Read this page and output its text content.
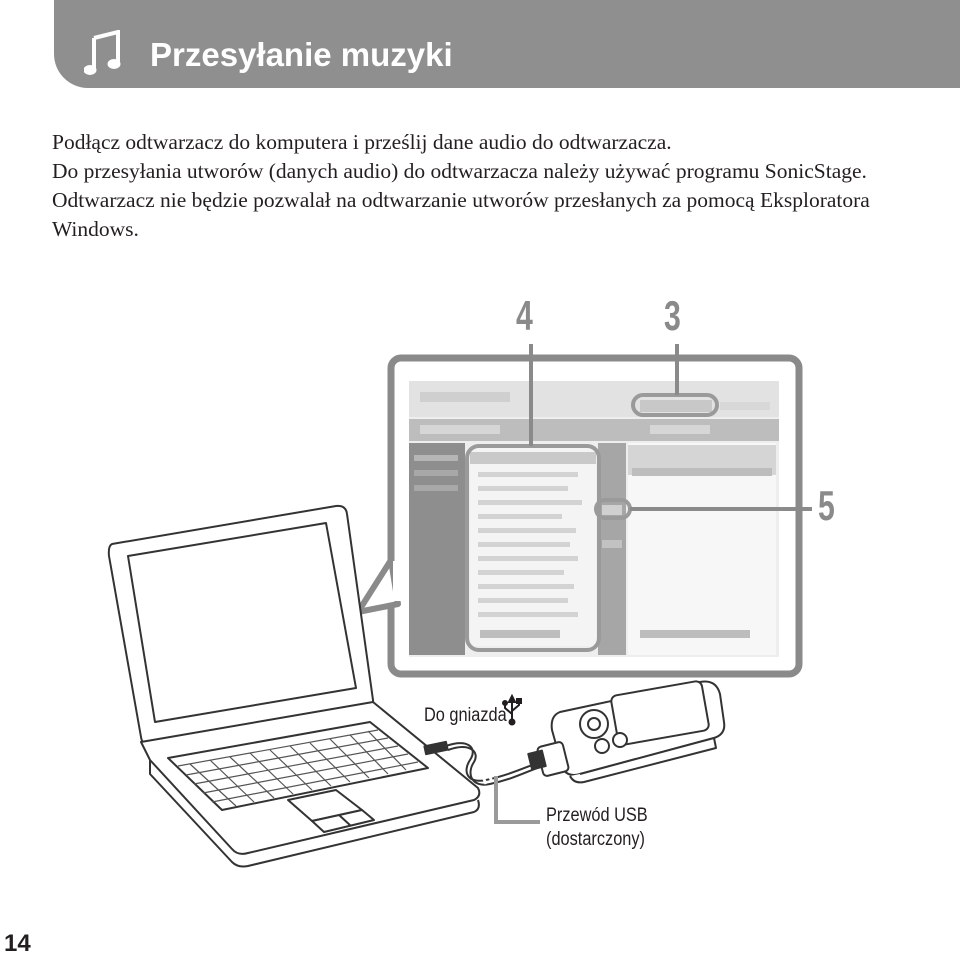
Przesyłanie muzyki

Podłącz odtwarzacz do komputera i prześlij dane audio do odtwarzacza.

Do przesyłania utworów (danych audio) do odtwarzacza należy używać programu SonicStage. Odtwarzacz nie będzie pozwalał na odtwarzanie utworów przesłanych za pomocą Eksploratora Windows.

4	3
5
Do gniazda
Przewód USB
(dostarczony)
14
